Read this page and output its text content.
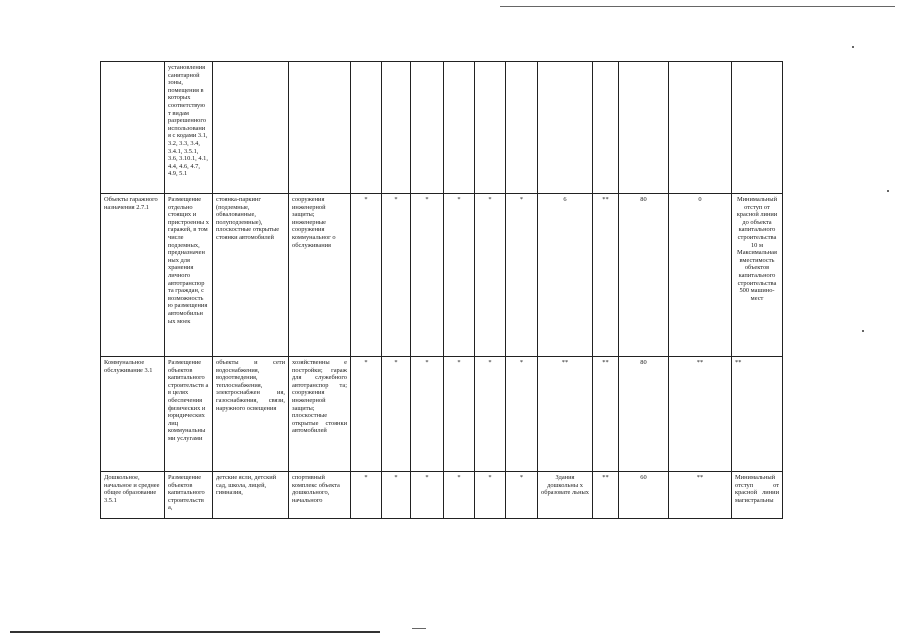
	установления санитарной зоны, помещения в которых соответствую т видам разрешенного использовани я с кодами 3.1, 3.2, 3.3, 3.4, 3.4.1, 3.5.1, 3.6, 3.10.1, 4.1, 4.4, 4.6, 4.7, 4.9, 5.1													
Объекты гаражного назначения 2.7.1	Размещение отдельно стоящих и пристроенны х гаражей, в том числе подземных, предназначен ных для хранения личного автотранспор та граждан, с возможность ю размещения автомобильн ых моек	стоянка-паркинг (подземные, обвалованные, полуподземные), плоскостные открытые стоянки автомобилей	сооружения инженерной защиты; инженерные сооружения коммунальног о обслуживания	*	*	*	*	*	*	6	**	80	0	Минимальный отступ от красной линии до объекта капитального строительства 10 м Максимальная вместимость объектов капитального строительства 500 машино-мест
Коммунальное обслуживание 3.1	Размещение объектов капитального строительств а в целях обеспечения физических и юридических лиц коммунальны ми услугами	объекты и сети водоснабжения, водоотведения, теплоснабжения, электроснабжен ия, газоснабжения, связи, наружного освещения	хозяйственны е постройки; гараж для служебного автотранспор та; сооружения инженерной защиты; плоскостные открытые стоянки автомобилей	*	*	*	*	*	*	**	**	80	**	**
Дошкольное, начальное и среднее общее образование 3.5.1	Размещение объектов капитального строительств а,	детские ясли, детский сад, школа, лицей, гимназия,	спортивный комплекс объекта дошкольного, начального	*	*	*	*	*	*	Здания дошкольны х образовате льных	**	60	**	Минимальный отступ от красной линии магистральны
